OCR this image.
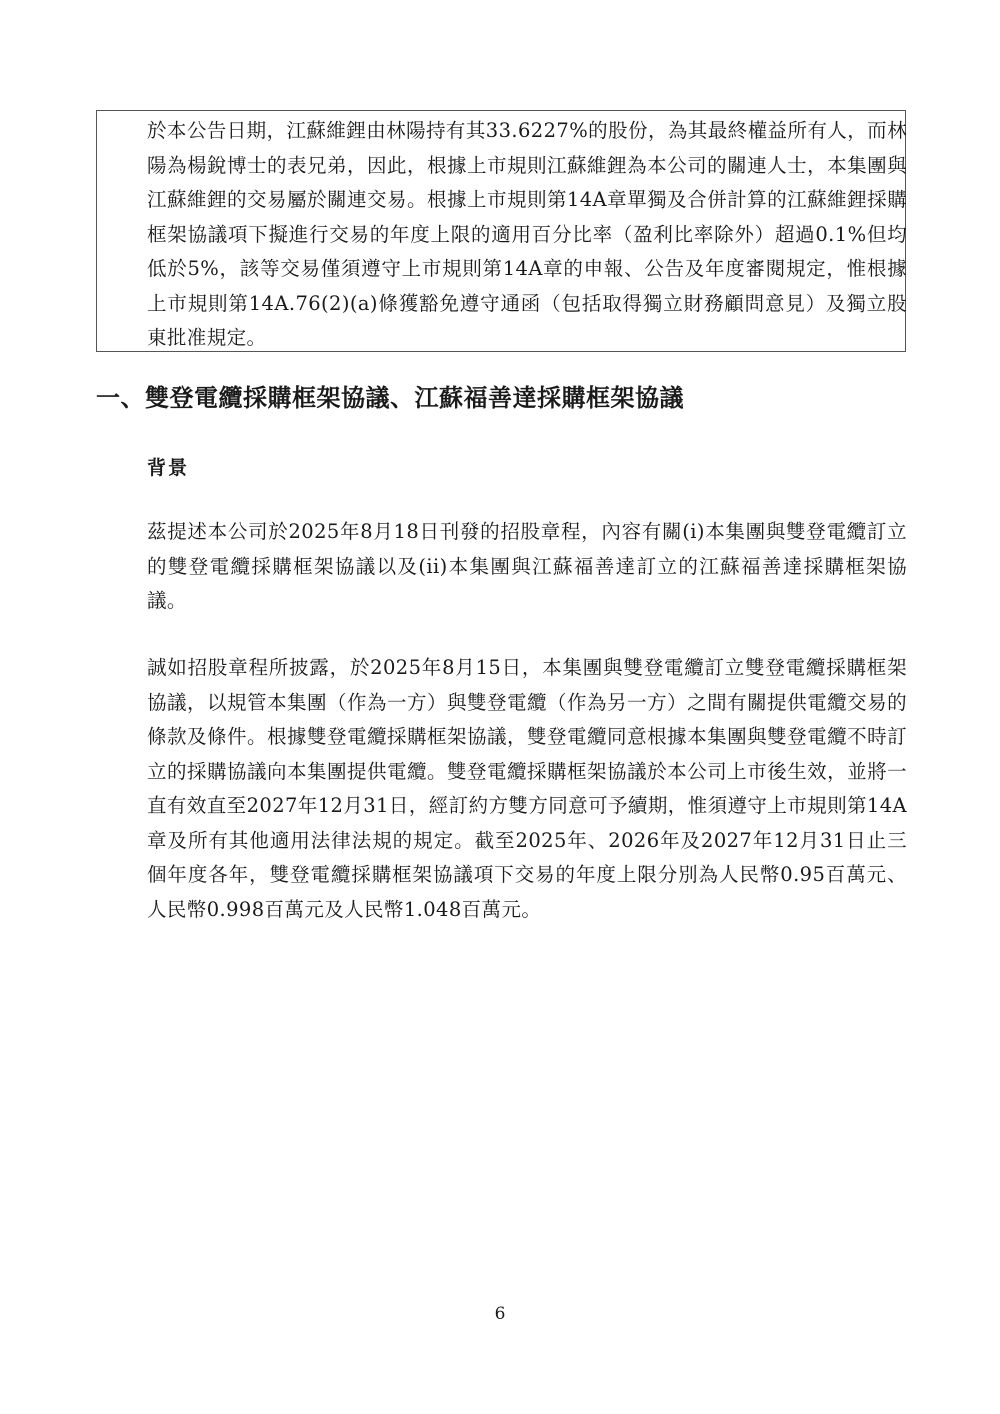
於本公告日期，江蘇維鋰由林陽持有其33.6227%的股份，為其最終權益所有人，而林陽為楊銳博士的表兄弟，因此，根據上市規則江蘇維鋰為本公司的關連人士，本集團與江蘇維鋰的交易屬於關連交易。根據上市規則第14A章單獨及合併計算的江蘇維鋰採購框架協議項下擬進行交易的年度上限的適用百分比率（盈利比率除外）超過0.1%但均低於5%，該等交易僅須遵守上市規則第14A章的申報、公告及年度審閱規定，惟根據上市規則第14A.76(2)(a)條獲豁免遵守通函（包括取得獨立財務顧問意見）及獨立股東批准規定。

一、雙登電纜採購框架協議、江蘇福善達採購框架協議
背景

茲提述本公司於2025年8月18日刊發的招股章程，內容有關(i)本集團與雙登電纜訂立的雙登電纜採購框架協議以及(ii)本集團與江蘇福善達訂立的江蘇福善達採購框架協議。

誠如招股章程所披露，於2025年8月15日，本集團與雙登電纜訂立雙登電纜採購框架協議，以規管本集團（作為一方）與雙登電纜（作為另一方）之間有關提供電纜交易的條款及條件。根據雙登電纜採購框架協議，雙登電纜同意根據本集團與雙登電纜不時訂立的採購協議向本集團提供電纜。雙登電纜採購框架協議於本公司上市後生效，並將一直有效直至2027年12月31日，經訂約方雙方同意可予續期，惟須遵守上市規則第14A章及所有其他適用法律法規的規定。截至2025年、2026年及2027年12月31日止三個年度各年，雙登電纜採購框架協議項下交易的年度上限分別為人民幣0.95百萬元、人民幣0.998百萬元及人民幣1.048百萬元。

6
